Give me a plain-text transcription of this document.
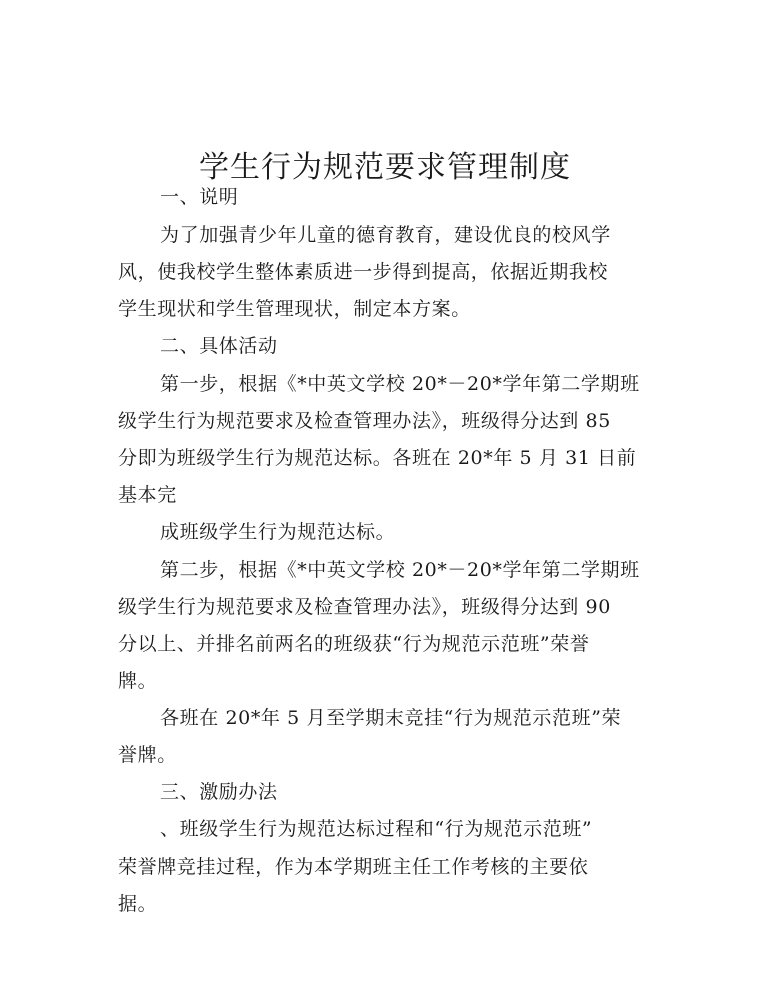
学生行为规范要求管理制度
一、说明
为了加强青少年儿童的德育教育，建设优良的校风学
风，使我校学生整体素质进一步得到提高，依据近期我校
学生现状和学生管理现状，制定本方案。
二、具体活动
第一步，根据《*中英文学校 20*－20*学年第二学期班
级学生行为规范要求及检查管理办法》，班级得分达到 85
分即为班级学生行为规范达标。各班在 20*年 5 月 31 日前
基本完
成班级学生行为规范达标。
第二步，根据《*中英文学校 20*－20*学年第二学期班
级学生行为规范要求及检查管理办法》，班级得分达到 90
分以上、并排名前两名的班级获“行为规范示范班”荣誉
牌。
各班在 20*年 5 月至学期末竞挂“行为规范示范班”荣
誉牌。
三、激励办法
、班级学生行为规范达标过程和“行为规范示范班”
荣誉牌竞挂过程，作为本学期班主任工作考核的主要依
据。
